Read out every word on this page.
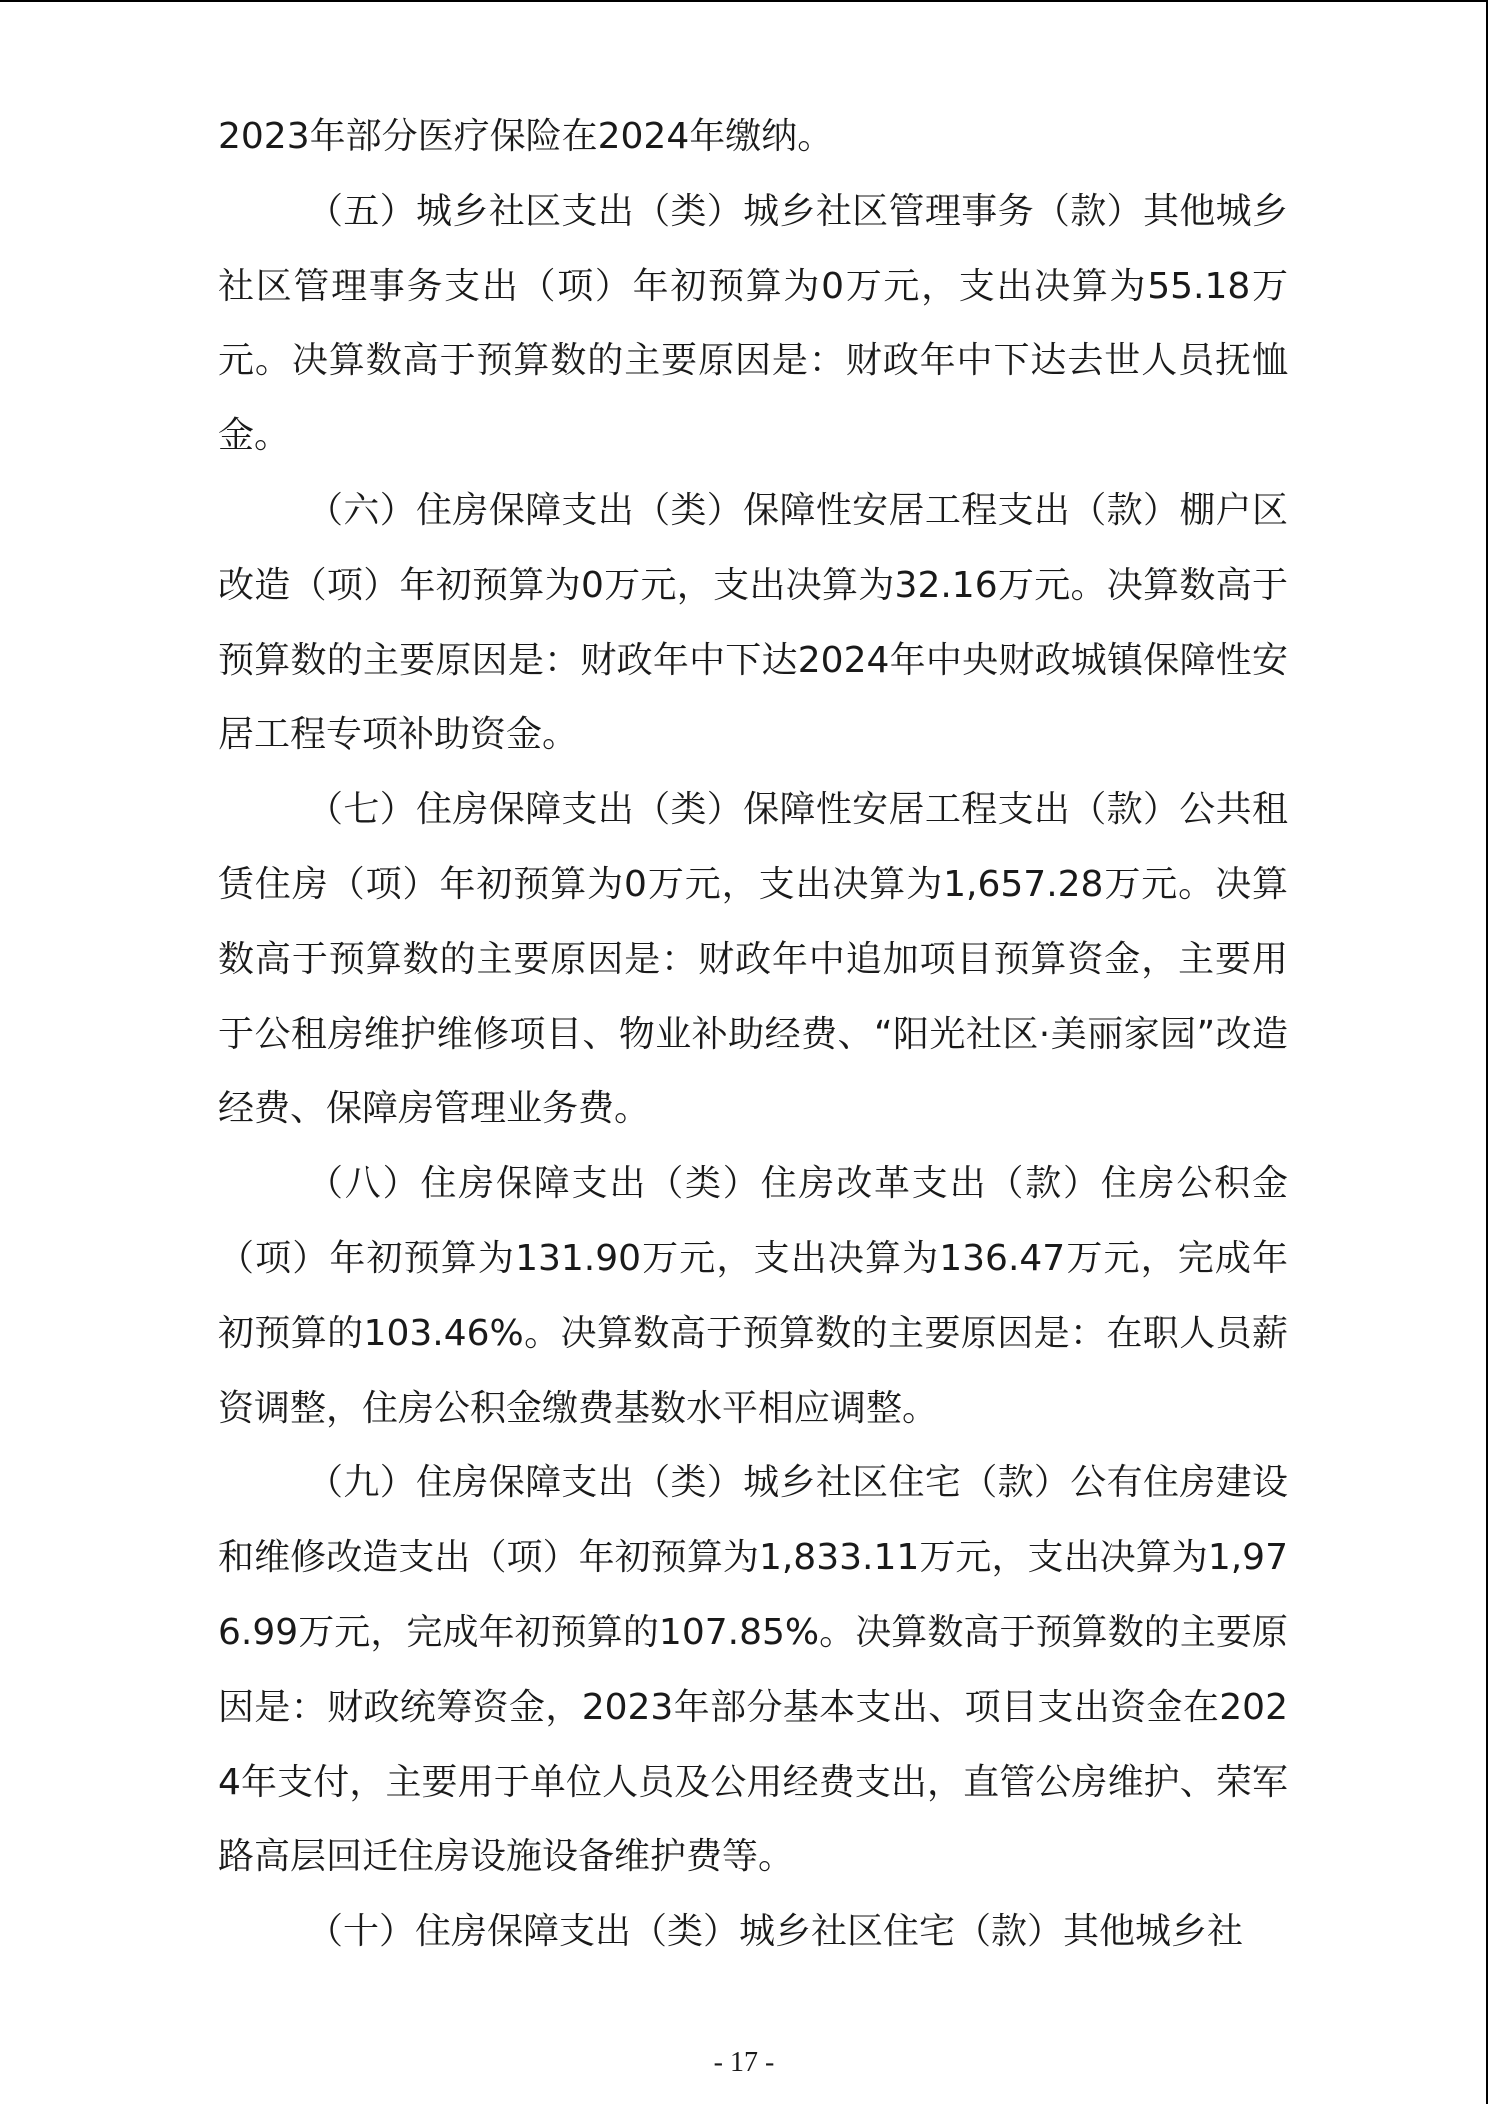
2023年部分医疗保险在2024年缴纳。

（五）城乡社区支出（类）城乡社区管理事务（款）其他城乡社区管理事务支出（项）年初预算为0万元，支出决算为55.18万元。决算数高于预算数的主要原因是：财政年中下达去世人员抚恤金。

（六）住房保障支出（类）保障性安居工程支出（款）棚户区改造（项）年初预算为0万元，支出决算为32.16万元。决算数高于预算数的主要原因是：财政年中下达2024年中央财政城镇保障性安居工程专项补助资金。

（七）住房保障支出（类）保障性安居工程支出（款）公共租赁住房（项）年初预算为0万元，支出决算为1,657.28万元。决算数高于预算数的主要原因是：财政年中追加项目预算资金，主要用于公租房维护维修项目、物业补助经费、“阳光社区·美丽家园”改造经费、保障房管理业务费。

（八）住房保障支出（类）住房改革支出（款）住房公积金（项）年初预算为131.90万元，支出决算为136.47万元，完成年初预算的103.46%。决算数高于预算数的主要原因是：在职人员薪资调整，住房公积金缴费基数水平相应调整。

（九）住房保障支出（类）城乡社区住宅（款）公有住房建设和维修改造支出（项）年初预算为1,833.11万元，支出决算为1,976.99万元，完成年初预算的107.85%。决算数高于预算数的主要原因是：财政统筹资金，2023年部分基本支出、项目支出资金在2024年支付，主要用于单位人员及公用经费支出，直管公房维护、荣军路高层回迁住房设施设备维护费等。

（十）住房保障支出（类）城乡社区住宅（款）其他城乡社

- 17 -
